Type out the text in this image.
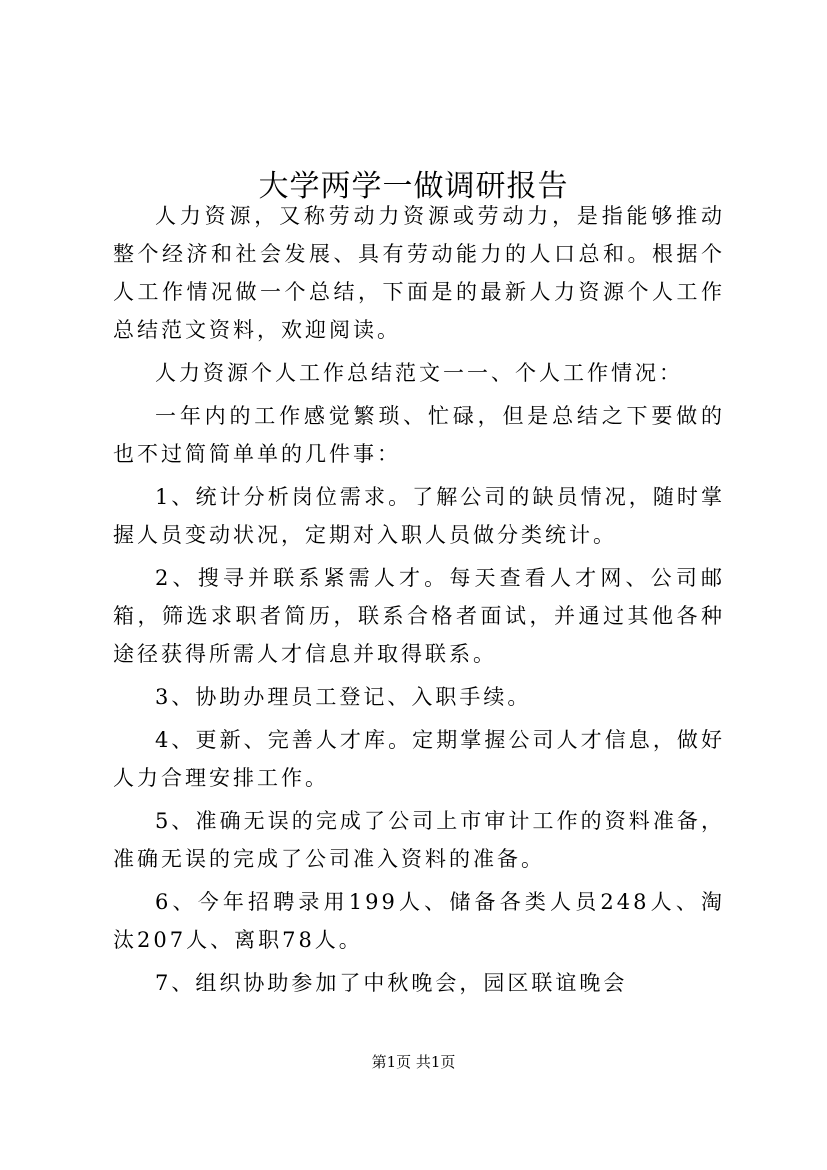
大学两学一做调研报告

人力资源，又称劳动力资源或劳动力，是指能够推动整个经济和社会发展、具有劳动能力的人口总和。根据个人工作情况做一个总结，下面是的最新人力资源个人工作总结范文资料，欢迎阅读。

人力资源个人工作总结范文一一、个人工作情况：

一年内的工作感觉繁琐、忙碌，但是总结之下要做的也不过简简单单的几件事：

1、统计分析岗位需求。了解公司的缺员情况，随时掌握人员变动状况，定期对入职人员做分类统计。

2、搜寻并联系紧需人才。每天查看人才网、公司邮箱，筛选求职者简历，联系合格者面试，并通过其他各种途径获得所需人才信息并取得联系。

3、协助办理员工登记、入职手续。

4、更新、完善人才库。定期掌握公司人才信息，做好人力合理安排工作。

5、准确无误的完成了公司上市审计工作的资料准备，准确无误的完成了公司准入资料的准备。

6、今年招聘录用199人、储备各类人员248人、淘汰207人、离职78人。

7、组织协助参加了中秋晚会，园区联谊晚会

第1页 共1页
